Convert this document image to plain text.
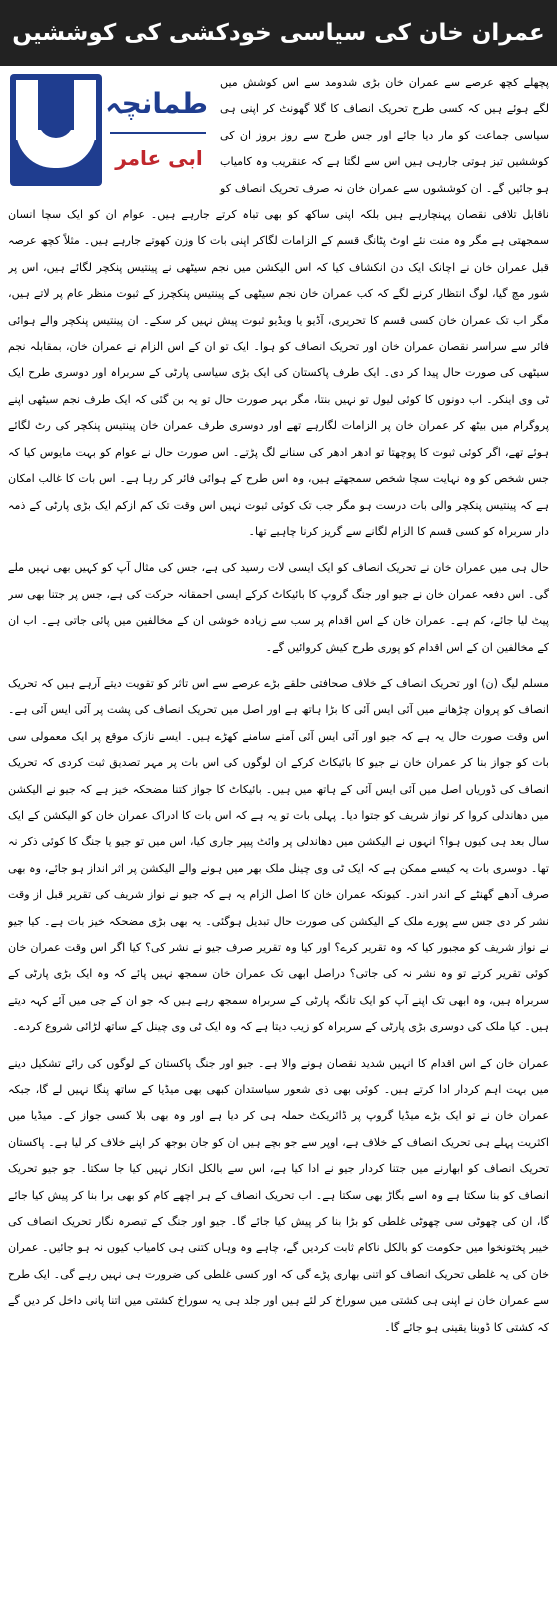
عمران خان کی سیاسی خودکشی کی کوششیں
طمانچہ
ابی عامر

پچھلے کچھ عرصے سے عمران خان بڑی شدومد سے اس کوشش میں لگے ہوئے ہیں کہ کسی طرح تحریک انصاف کا گلا گھونٹ کر اپنی ہی سیاسی جماعت کو مار دیا جائے اور جس طرح سے روز بروز ان کی کوششیں تیز ہوتی جارہی ہیں اس سے لگتا ہے کہ عنقریب وہ کامیاب ہو جائیں گے۔ ان کوششوں سے عمران خان نہ صرف تحریک انصاف کو ناقابل تلافی نقصان پہنچارہے ہیں بلکہ اپنی ساکھ کو بھی تباہ کرتے جارہے ہیں۔ عوام ان کو ایک سچا انسان سمجھتی ہے مگر وہ منت نئے اوٹ پٹانگ قسم کے الزامات لگاکر اپنی بات کا وزن کھوتے جارہے ہیں۔ مثلاً کچھ عرصہ قبل عمران خان نے اچانک ایک دن انکشاف کیا کہ اس الیکشن میں نجم سیٹھی نے پینتیس پنکچر لگائے ہیں، اس پر شور مچ گیا، لوگ انتظار کرنے لگے کہ کب عمران خان نجم سیٹھی کے پینتیس پنکچرز کے ثبوت منظر عام پر لاتے ہیں، مگر اب تک عمران خان کسی قسم کا تحریری، آڈیو یا ویڈیو ثبوت پیش نہیں کر سکے۔ ان پینتیس پنکچر والے ہوائی فائر سے سراسر نقصان عمران خان اور تحریک انصاف کو ہوا۔ ایک تو ان کے اس الزام نے عمران خان، بمقابلہ نجم سیٹھی کی صورت حال پیدا کر دی۔ ایک طرف پاکستان کی ایک بڑی سیاسی پارٹی کے سربراہ اور دوسری طرح ایک ٹی وی اینکر۔ اب دونوں کا کوئی لیول تو نہیں بنتا، مگر بہر صورت حال تو یہ بن گئی کہ ایک طرف نجم سیٹھی اپنے پروگرام میں بیٹھ کر عمران خان پر الزامات لگارہے تھے اور دوسری طرف عمران خان پینتیس پنکچر کی رٹ لگائے ہوئے تھے، اگر کوئی ثبوت کا پوچھتا تو ادھر ادھر کی سنانے لگ پڑتے۔ اس صورت حال نے عوام کو بہت مایوس کیا کہ جس شخص کو وہ نہایت سچا شخص سمجھتے ہیں، وہ اس طرح کے ہوائی فائر کر رہا ہے۔ اس بات کا غالب امکان ہے کہ پینتیس پنکچر والی بات درست ہو مگر جب تک کوئی ثبوت نہیں اس وقت تک کم ازکم ایک بڑی پارٹی کے ذمہ دار سربراہ کو کسی قسم کا الزام لگانے سے گریز کرنا چاہیے تھا۔

حال ہی میں عمران خان نے تحریک انصاف کو ایک ایسی لات رسید کی ہے، جس کی مثال آپ کو کہیں بھی نہیں ملے گی۔ اس دفعہ عمران خان نے جیو اور جنگ گروپ کا بائیکاٹ کرکے ایسی احمقانہ حرکت کی ہے، جس پر جتنا بھی سر پیٹ لیا جائے، کم ہے۔ عمران خان کے اس اقدام پر سب سے زیادہ خوشی ان کے مخالفین میں پائی جاتی ہے۔ اب ان کے مخالفین ان کے اس اقدام کو پوری طرح کیش کروائیں گے۔

مسلم لیگ (ن) اور تحریک انصاف کے خلاف صحافتی حلقے بڑے عرصے سے اس تاثر کو تقویت دیتے آرہے ہیں کہ تحریک انصاف کو پروان چڑھانے میں آئی ایس آئی کا بڑا ہاتھ ہے اور اصل میں تحریک انصاف کی پشت پر آئی ایس آئی ہے۔ اس وقت صورت حال یہ ہے کہ جیو اور آئی ایس آئی آمنے سامنے کھڑے ہیں۔ ایسے نازک موقع پر ایک معمولی سی بات کو جواز بنا کر عمران خان نے جیو کا بائیکاٹ کرکے ان لوگوں کی اس بات پر مہر تصدیق ثبت کردی کہ تحریک انصاف کی ڈوریاں اصل میں آئی ایس آئی کے ہاتھ میں ہیں۔ بائیکاٹ کا جواز کتنا مضحکہ خیز ہے کہ جیو نے الیکشن میں دھاندلی کروا کر نواز شریف کو جتوا دیا۔ پہلی بات تو یہ ہے کہ اس بات کا ادراک عمران خان کو الیکشن کے ایک سال بعد ہی کیوں ہوا؟ انہوں نے الیکشن میں دھاندلی پر وائٹ پیپر جاری کیا، اس میں تو جیو یا جنگ کا کوئی ذکر نہ تھا۔ دوسری بات یہ کیسے ممکن ہے کہ ایک ٹی وی چینل ملک بھر میں ہونے والے الیکشن پر اثر انداز ہو جائے، وہ بھی صرف آدھے گھنٹے کے اندر اندر۔ کیونکہ عمران خان کا اصل الزام یہ ہے کہ جیو نے نواز شریف کی تقریر قبل از وقت نشر کر دی جس سے پورے ملک کے الیکشن کی صورت حال تبدیل ہوگئی۔ یہ بھی بڑی مضحکہ خیز بات ہے۔ کیا جیو نے نواز شریف کو مجبور کیا کہ وہ تقریر کرے؟ اور کیا وہ تقریر صرف جیو نے نشر کی؟ کیا اگر اس وقت عمران خان کوئی تقریر کرتے تو وہ نشر نہ کی جاتی؟ دراصل ابھی تک عمران خان سمجھ نہیں پائے کہ وہ ایک بڑی پارٹی کے سربراہ ہیں، وہ ابھی تک اپنے آپ کو ایک تانگہ پارٹی کے سربراہ سمجھ رہے ہیں کہ جو ان کے جی میں آئے کہہ دیتے ہیں۔ کیا ملک کی دوسری بڑی پارٹی کے سربراہ کو زیب دیتا ہے کہ وہ ایک ٹی وی چینل کے ساتھ لڑائی شروع کردے۔

عمران خان کے اس اقدام کا انہیں شدید نقصان ہونے والا ہے۔ جیو اور جنگ پاکستان کے لوگوں کی رائے تشکیل دینے میں بہت اہم کردار ادا کرتے ہیں۔ کوئی بھی ذی شعور سیاستدان کبھی بھی میڈیا کے ساتھ پنگا نہیں لے گا، جبکہ عمران خان نے تو ایک بڑے میڈیا گروپ پر ڈائریکٹ حملہ ہی کر دیا ہے اور وہ بھی بلا کسی جواز کے۔ میڈیا میں اکثریت پہلے ہی تحریک انصاف کے خلاف ہے، اوپر سے جو بچے ہیں ان کو جان بوجھ کر اپنے خلاف کر لیا ہے۔ پاکستان تحریک انصاف کو ابھارنے میں جتنا کردار جیو نے ادا کیا ہے، اس سے بالکل انکار نہیں کیا جا سکتا۔ جو جیو تحریک انصاف کو بنا سکتا ہے وہ اسے بگاڑ بھی سکتا ہے۔ اب تحریک انصاف کے ہر اچھے کام کو بھی برا بنا کر پیش کیا جائے گا، ان کی چھوٹی سی چھوٹی غلطی کو بڑا بنا کر پیش کیا جائے گا۔ جیو اور جنگ کے تبصرہ نگار تحریک انصاف کی خیبر پختونخوا میں حکومت کو بالکل ناکام ثابت کردیں گے، چاہے وہ وہاں کتنی ہی کامیاب کیوں نہ ہو جائیں۔ عمران خان کی یہ غلطی تحریک انصاف کو اتنی بھاری پڑے گی کہ اور کسی غلطی کی ضرورت ہی نہیں رہے گی۔ ایک طرح سے عمران خان نے اپنی ہی کشتی میں سوراخ کر لئے ہیں اور جلد ہی یہ سوراخ کشتی میں اتنا پانی داخل کر دیں گے کہ کشتی کا ڈوبنا یقینی ہو جائے گا۔
